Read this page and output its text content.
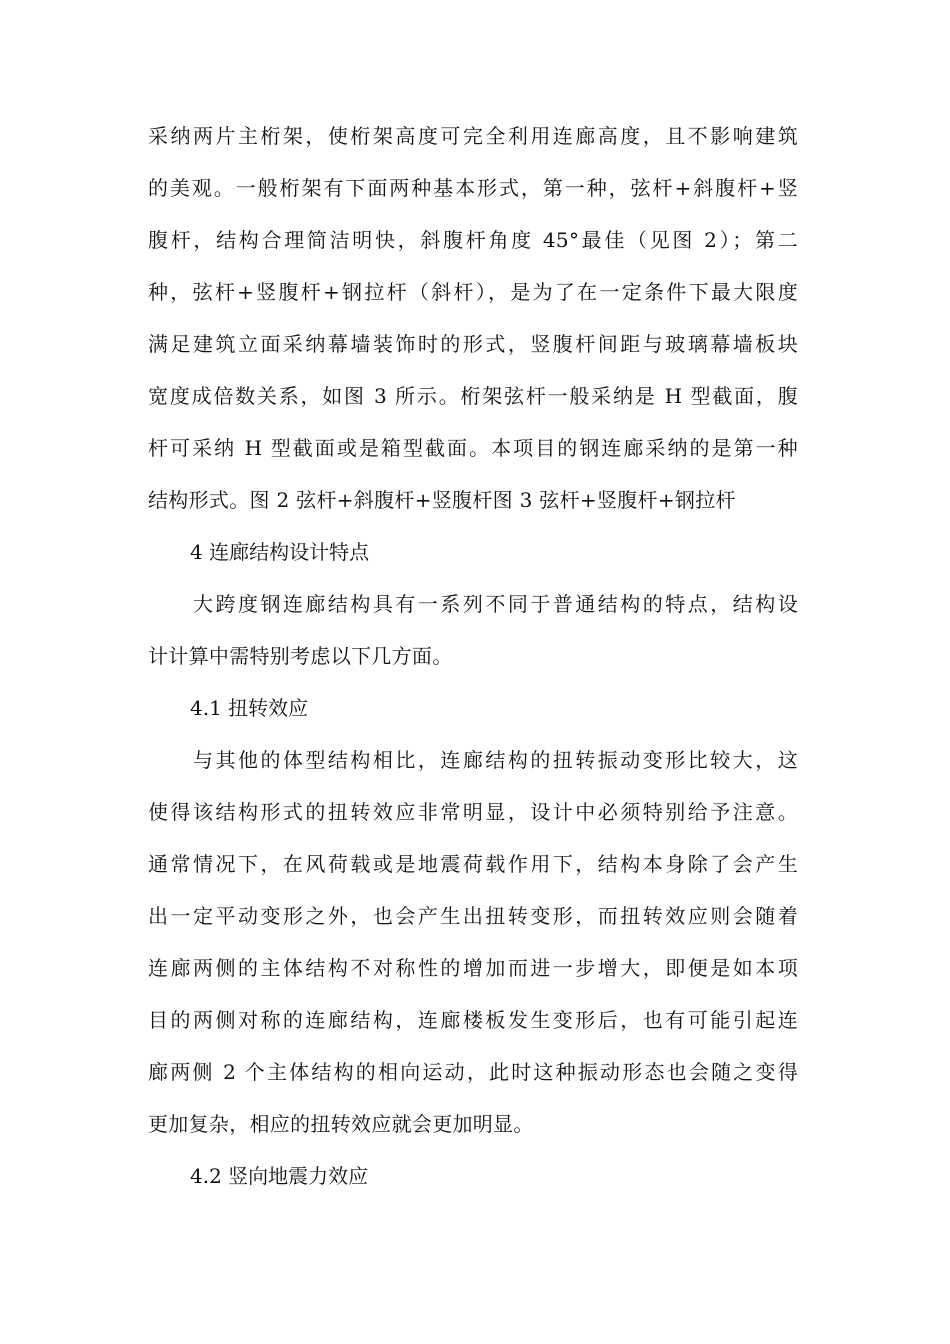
采纳两片主桁架，使桁架高度可完全利用连廊高度，且不影响建筑
的美观。一般桁架有下面两种基本形式，第一种，弦杆+斜腹杆+竖
腹杆，结构合理简洁明快，斜腹杆角度 45°最佳（见图 2）；第二
种，弦杆+竖腹杆+钢拉杆（斜杆），是为了在一定条件下最大限度
满足建筑立面采纳幕墙装饰时的形式，竖腹杆间距与玻璃幕墙板块
宽度成倍数关系，如图 3 所示。桁架弦杆一般采纳是 H 型截面，腹
杆可采纳 H 型截面或是箱型截面。本项目的钢连廊采纳的是第一种
结构形式。图 2 弦杆+斜腹杆+竖腹杆图 3 弦杆+竖腹杆+钢拉杆
4 连廊结构设计特点
　　大跨度钢连廊结构具有一系列不同于普通结构的特点，结构设
计计算中需特别考虑以下几方面。
4.1 扭转效应
　　与其他的体型结构相比，连廊结构的扭转振动变形比较大，这
使得该结构形式的扭转效应非常明显，设计中必须特别给予注意。
通常情况下，在风荷载或是地震荷载作用下，结构本身除了会产生
出一定平动变形之外，也会产生出扭转变形，而扭转效应则会随着
连廊两侧的主体结构不对称性的增加而进一步增大，即便是如本项
目的两侧对称的连廊结构，连廊楼板发生变形后，也有可能引起连
廊两侧 2 个主体结构的相向运动，此时这种振动形态也会随之变得
更加复杂，相应的扭转效应就会更加明显。
4.2 竖向地震力效应
